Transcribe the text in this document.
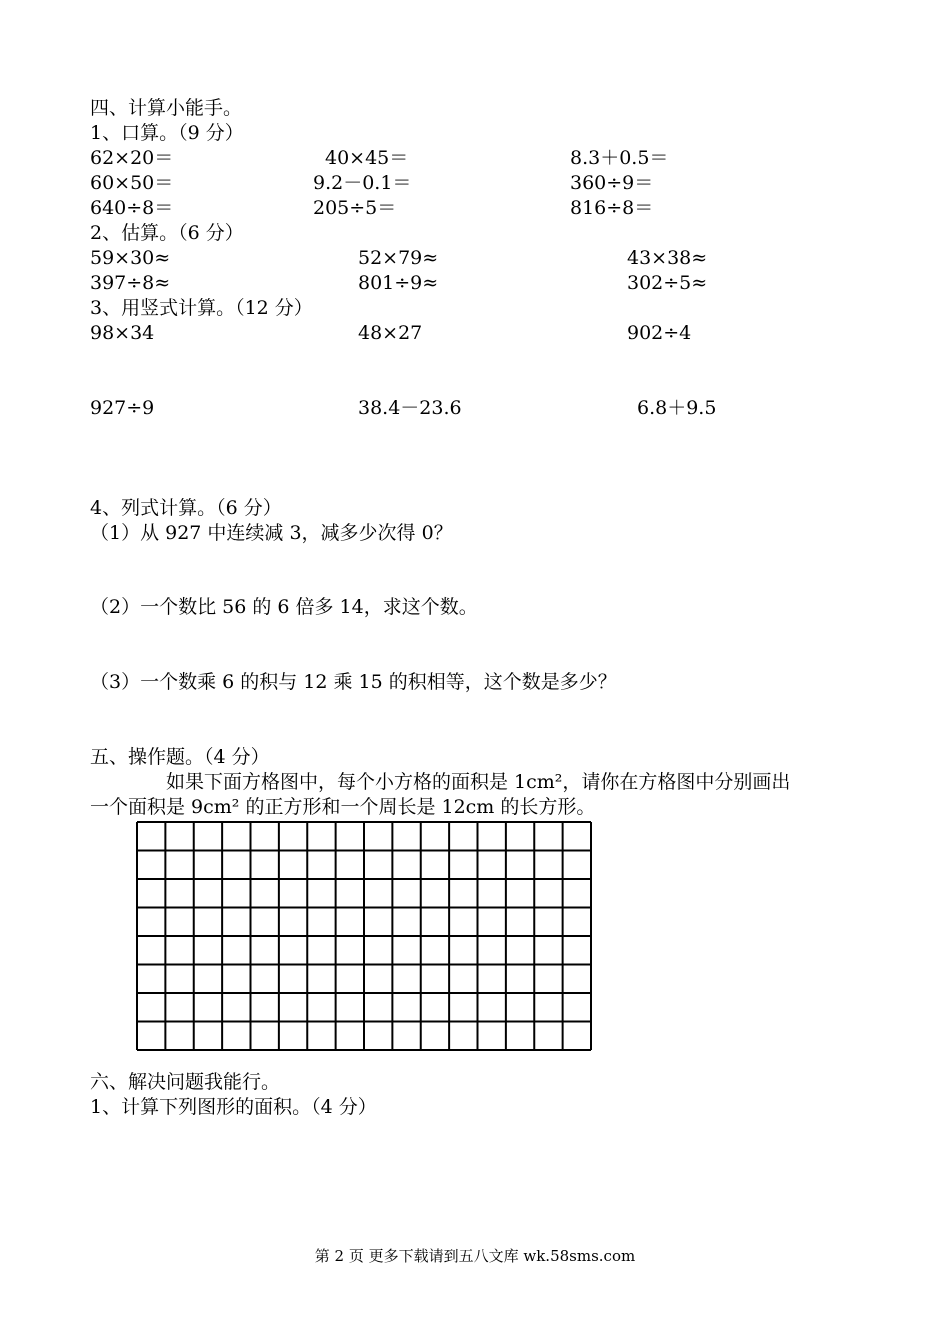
四、计算小能手。
1、口算。（9 分）
62×20＝	40×45＝	8.3＋0.5＝
60×50＝	9.2－0.1＝	360÷9＝
640÷8＝	205÷5＝	816÷8＝
2、估算。（6 分）
59×30≈	52×79≈	43×38≈
397÷8≈	801÷9≈	302÷5≈
3、用竖式计算。（12 分）
98×34	48×27	902÷4
927÷9	38.4－23.6	6.8＋9.5
4、列式计算。（6 分）
（1）从 927 中连续减 3，减多少次得 0？
（2）一个数比 56 的 6 倍多 14，求这个数。
（3）一个数乘 6 的积与 12 乘 15 的积相等，这个数是多少？
五、操作题。（4 分）
如果下面方格图中，每个小方格的面积是 1cm²，请你在方格图中分别画出
一个面积是 9cm² 的正方形和一个周长是 12cm 的长方形。
六、解决问题我能行。
1、计算下列图形的面积。（4 分）
第 2 页 更多下载请到五八文库 wk.58sms.com
